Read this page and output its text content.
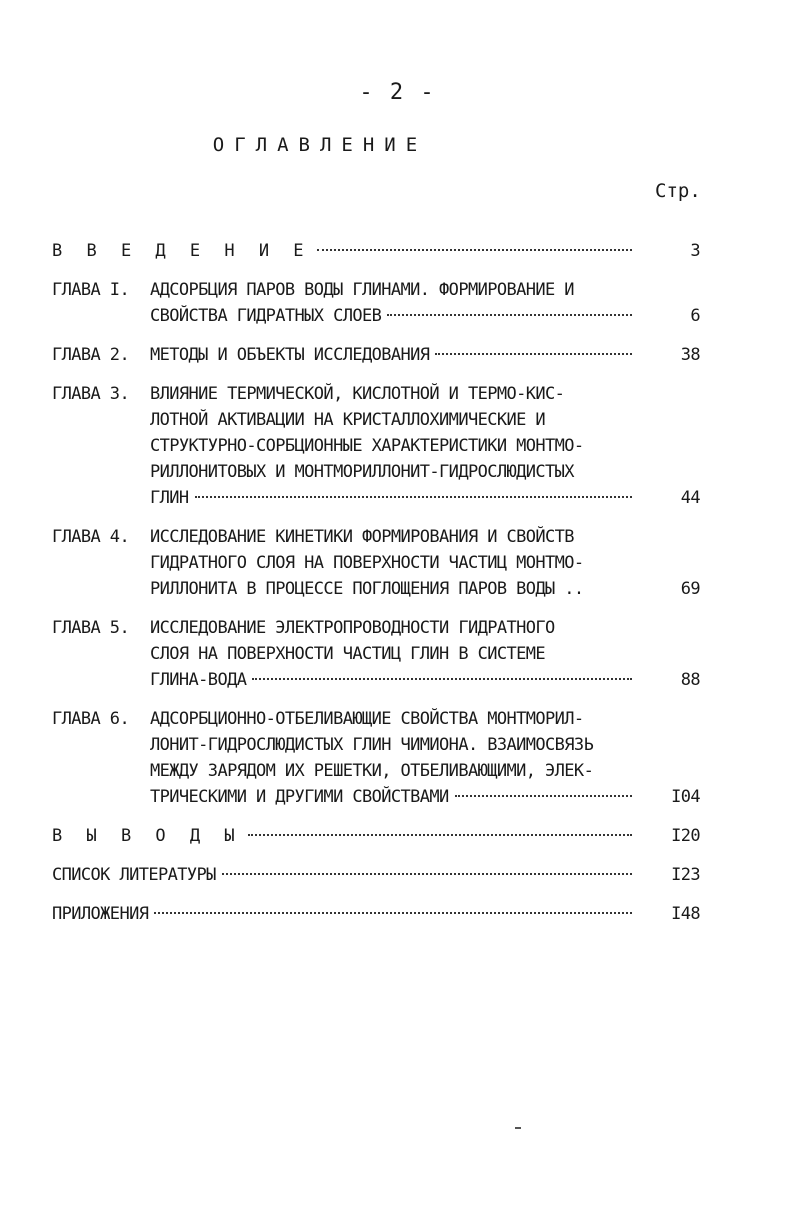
- 2 -
ОГЛАВЛЕНИЕ
Стр.
В В Е Д Е Н И Е	3
ГЛАВА I. АДСОРБЦИЯ ПАРОВ ВОДЫ ГЛИНАМИ. ФОРМИРОВАНИЕ И
СВОЙСТВА ГИДРАТНЫХ СЛОЕВ	6
ГЛАВА 2. МЕТОДЫ И ОБЪЕКТЫ ИССЛЕДОВАНИЯ	38
ГЛАВА 3. ВЛИЯНИЕ ТЕРМИЧЕСКОЙ, КИСЛОТНОЙ И ТЕРМО-КИС-
ЛОТНОЙ АКТИВАЦИИ НА КРИСТАЛЛОХИМИЧЕСКИЕ И
СТРУКТУРНО-СОРБЦИОННЫЕ ХАРАКТЕРИСТИКИ МОНТМО-
РИЛЛОНИТОВЫХ И МОНТМОРИЛЛОНИТ-ГИДРОСЛЮДИСТЫХ
ГЛИН	44
ГЛАВА 4. ИССЛЕДОВАНИЕ КИНЕТИКИ ФОРМИРОВАНИЯ И СВОЙСТВ
ГИДРАТНОГО СЛОЯ НА ПОВЕРХНОСТИ ЧАСТИЦ МОНТМО-
РИЛЛОНИТА В ПРОЦЕССЕ ПОГЛОЩЕНИЯ ПАРОВ ВОДЫ ..	69
ГЛАВА 5. ИССЛЕДОВАНИЕ ЭЛЕКТРОПРОВОДНОСТИ ГИДРАТНОГО
СЛОЯ НА ПОВЕРХНОСТИ ЧАСТИЦ ГЛИН В СИСТЕМЕ
ГЛИНА-ВОДА	88
ГЛАВА 6. АДСОРБЦИОННО-ОТБЕЛИВАЮЩИЕ СВОЙСТВА МОНТМОРИЛ-
ЛОНИТ-ГИДРОСЛЮДИСТЫХ ГЛИН ЧИМИОНА. ВЗАИМОСВЯЗЬ
МЕЖДУ ЗАРЯДОМ ИХ РЕШЕТКИ, ОТБЕЛИВАЮЩИМИ, ЭЛЕК-
ТРИЧЕСКИМИ И ДРУГИМИ СВОЙСТВАМИ	I04
В Ы В О Д Ы	I20
СПИСОК ЛИТЕРАТУРЫ	I23
ПРИЛОЖЕНИЯ	I48
